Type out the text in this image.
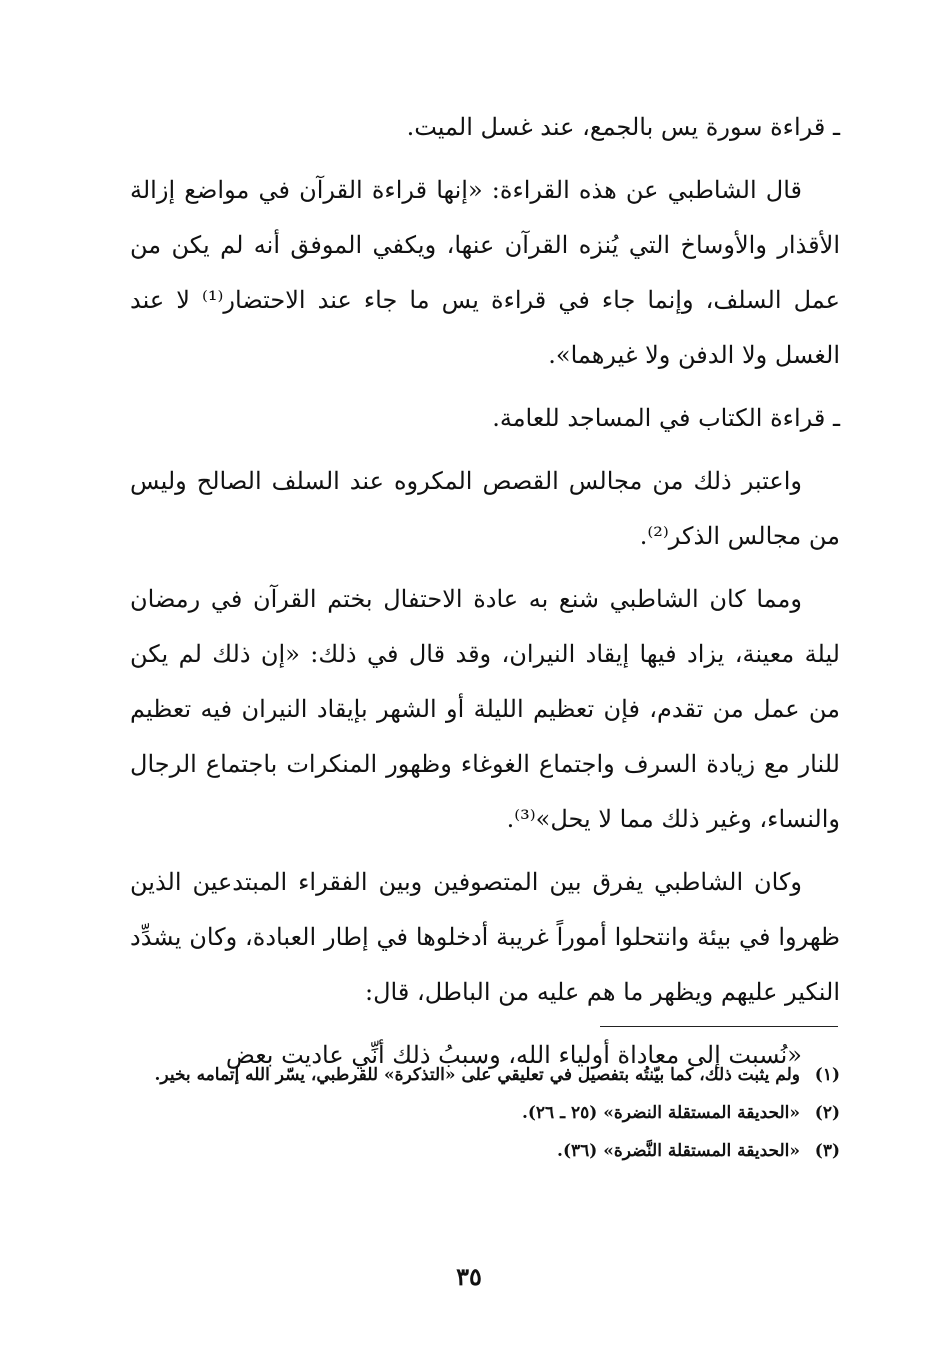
ـ قراءة سورة يس بالجمع، عند غسل الميت.

قال الشاطبي عن هذه القراءة: «إنها قراءة القرآن في مواضع إزالة الأقذار والأوساخ التي يُنزه القرآن عنها، ويكفي الموفق أنه لم يكن من عمل السلف، وإنما جاء في قراءة يس ما جاء عند الاحتضار⁽¹⁾ لا عند الغسل ولا الدفن ولا غيرهما».

ـ قراءة الكتاب في المساجد للعامة.

واعتبر ذلك من مجالس القصص المكروه عند السلف الصالح وليس من مجالس الذكر⁽²⁾.

ومما كان الشاطبي شنع به عادة الاحتفال بختم القرآن في رمضان ليلة معينة، يزاد فيها إيقاد النيران، وقد قال في ذلك: «إن ذلك لم يكن من عمل من تقدم، فإن تعظيم الليلة أو الشهر بإيقاد النيران فيه تعظيم للنار مع زيادة السرف واجتماع الغوغاء وظهور المنكرات باجتماع الرجال والنساء، وغير ذلك مما لا يحل»⁽³⁾.

وكان الشاطبي يفرق بين المتصوفين وبين الفقراء المبتدعين الذين ظهروا في بيئة وانتحلوا أموراً غريبة أدخلوها في إطار العبادة، وكان يشدِّد النكير عليهم ويظهر ما هم عليه من الباطل، قال:

«نُسبت إلى معاداة أولياء الله، وسببُ ذلك أنِّي عاديت بعض

(١)
ولم يثبت ذلك، كما بيّنتُه بتفصيل في تعليقي على «التذكرة» للقرطبي، يسّر الله إتمامه بخير.
(٢)
«الحديقة المستقلة النضرة» (٢٥ ـ ٢٦).
(٣)
«الحديقة المستقلة النَّضرة» (٣٦).
٣٥
